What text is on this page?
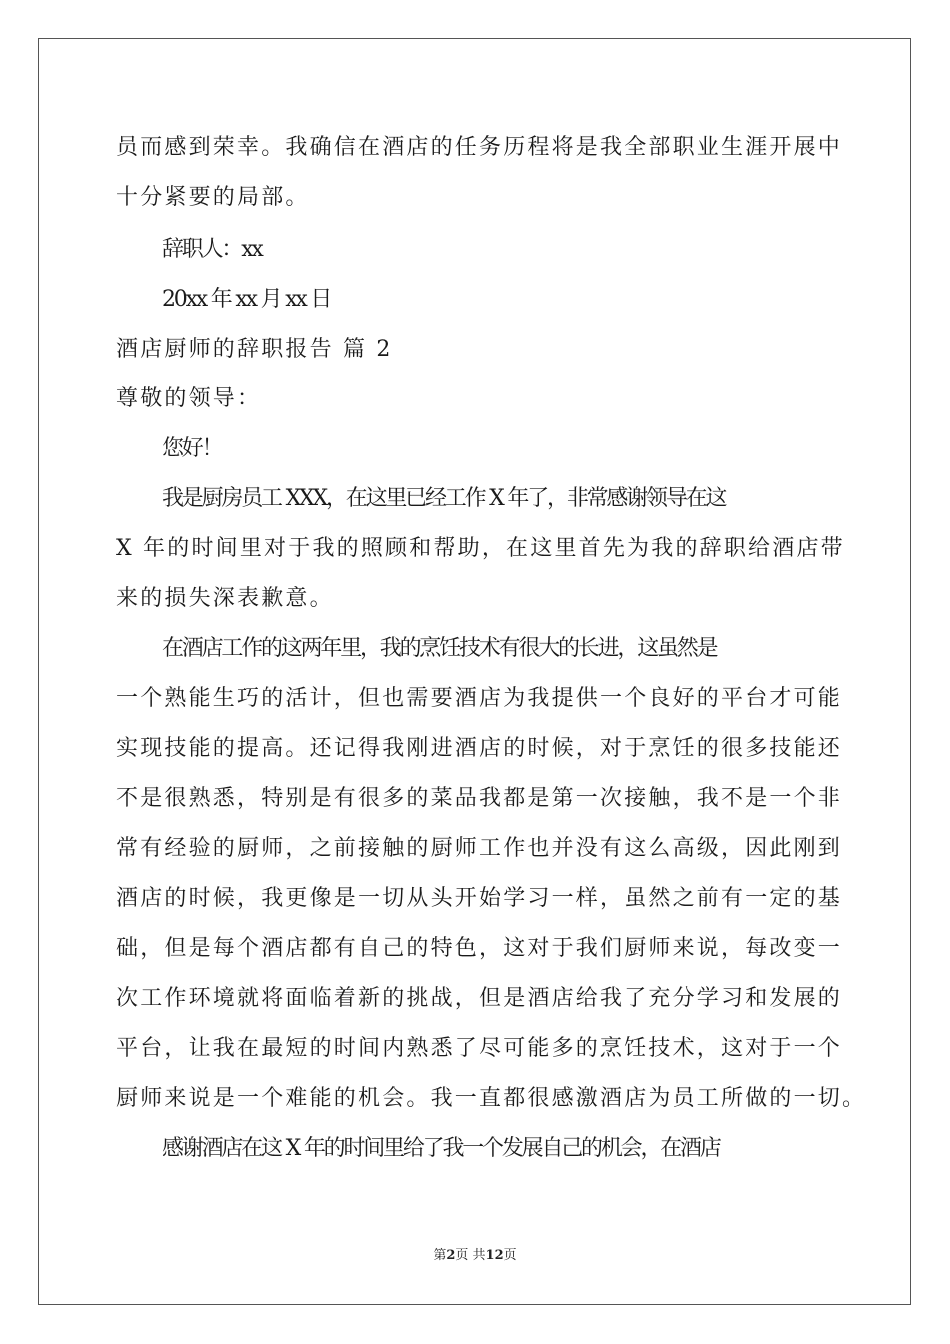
员而感到荣幸。我确信在酒店的任务历程将是我全部职业生涯开展中
十分紧要的局部。
辞职人：xx
20xx 年 xx 月 xx 日
酒店厨师的辞职报告 篇 2
尊敬的领导：
您好！
我是厨房员工 XXX，在这里已经工作 X 年了，非常感谢领导在这
X 年的时间里对于我的照顾和帮助，在这里首先为我的辞职给酒店带
来的损失深表歉意。
在酒店工作的这两年里，我的烹饪技术有很大的长进，这虽然是
一个熟能生巧的活计，但也需要酒店为我提供一个良好的平台才可能
实现技能的提高。还记得我刚进酒店的时候，对于烹饪的很多技能还
不是很熟悉，特别是有很多的菜品我都是第一次接触，我不是一个非
常有经验的厨师，之前接触的厨师工作也并没有这么高级，因此刚到
酒店的时候，我更像是一切从头开始学习一样，虽然之前有一定的基
础，但是每个酒店都有自己的特色，这对于我们厨师来说，每改变一
次工作环境就将面临着新的挑战，但是酒店给我了充分学习和发展的
平台，让我在最短的时间内熟悉了尽可能多的烹饪技术，这对于一个
厨师来说是一个难能的机会。我一直都很感激酒店为员工所做的一切。
感谢酒店在这 X 年的时间里给了我一个发展自己的机会，在酒店
第2页 共12页
